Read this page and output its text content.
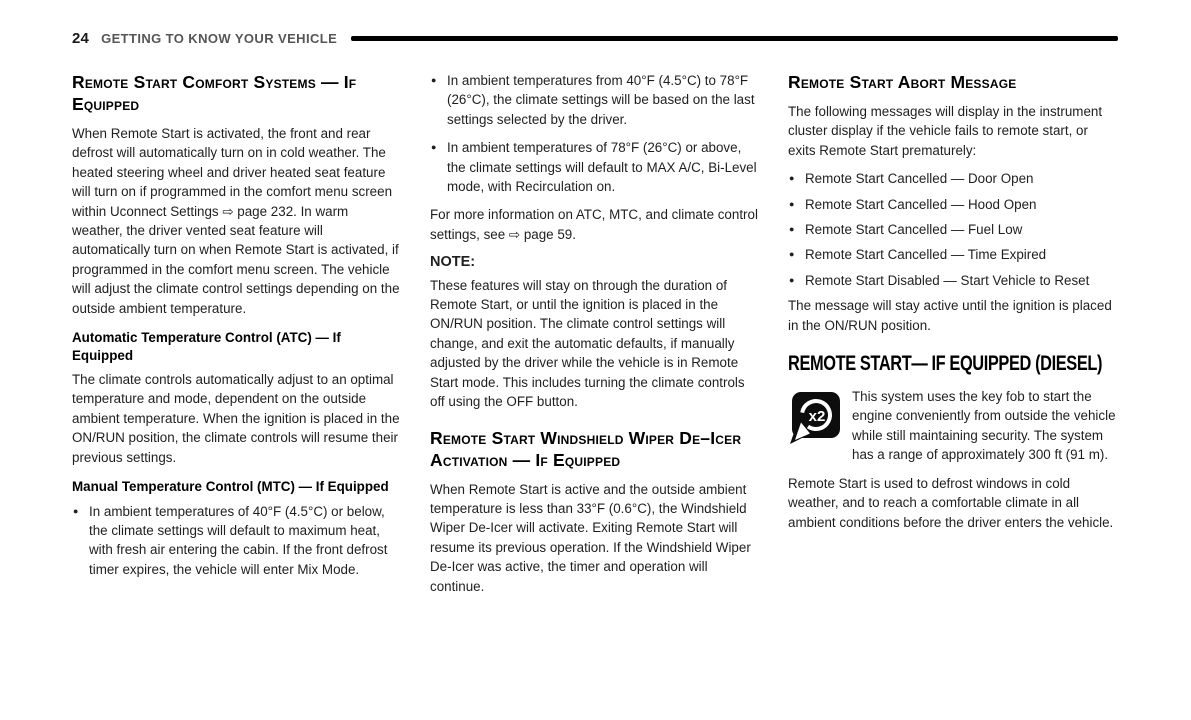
24 GETTING TO KNOW YOUR VEHICLE
Remote Start Comfort Systems — If Equipped

When Remote Start is activated, the front and rear defrost will automatically turn on in cold weather. The heated steering wheel and driver heated seat feature will turn on if programmed in the comfort menu screen within Uconnect Settings ⇨ page 232. In warm weather, the driver vented seat feature will automatically turn on when Remote Start is activated, if programmed in the comfort menu screen. The vehicle will adjust the climate control settings depending on the outside ambient temperature.

Automatic Temperature Control (ATC) — If Equipped

The climate controls automatically adjust to an optimal temperature and mode, dependent on the outside ambient temperature. When the ignition is placed in the ON/RUN position, the climate controls will resume their previous settings.

Manual Temperature Control (MTC) — If Equipped
● In ambient temperatures of 40°F (4.5°C) or below, the climate settings will default to maximum heat, with fresh air entering the cabin. If the front defrost timer expires, the vehicle will enter Mix Mode.
● In ambient temperatures from 40°F (4.5°C) to 78°F (26°C), the climate settings will be based on the last settings selected by the driver.
● In ambient temperatures of 78°F (26°C) or above, the climate settings will default to MAX A/C, Bi-Level mode, with Recirculation on.

For more information on ATC, MTC, and climate control settings, see ⇨ page 59.

NOTE:

These features will stay on through the duration of Remote Start, or until the ignition is placed in the ON/RUN position. The climate control settings will change, and exit the automatic defaults, if manually adjusted by the driver while the vehicle is in Remote Start mode. This includes turning the climate controls off using the OFF button.

Remote Start Windshield Wiper De–Icer Activation — If Equipped

When Remote Start is active and the outside ambient temperature is less than 33°F (0.6°C), the Windshield Wiper De-Icer will activate. Exiting Remote Start will resume its previous operation. If the Windshield Wiper De-Icer was active, the timer and operation will continue.

Remote Start Abort Message

The following messages will display in the instrument cluster display if the vehicle fails to remote start, or exits Remote Start prematurely:

● Remote Start Cancelled — Door Open
● Remote Start Cancelled — Hood Open
● Remote Start Cancelled — Fuel Low
● Remote Start Cancelled — Time Expired
● Remote Start Disabled — Start Vehicle to Reset

The message will stay active until the ignition is placed in the ON/RUN position.

REMOTE START— IF EQUIPPED (DIESEL)
x2

This system uses the key fob to start the engine conveniently from outside the vehicle while still maintaining security. The system has a range of approximately 300 ft (91 m).

Remote Start is used to defrost windows in cold weather, and to reach a comfortable climate in all ambient conditions before the driver enters the vehicle.
